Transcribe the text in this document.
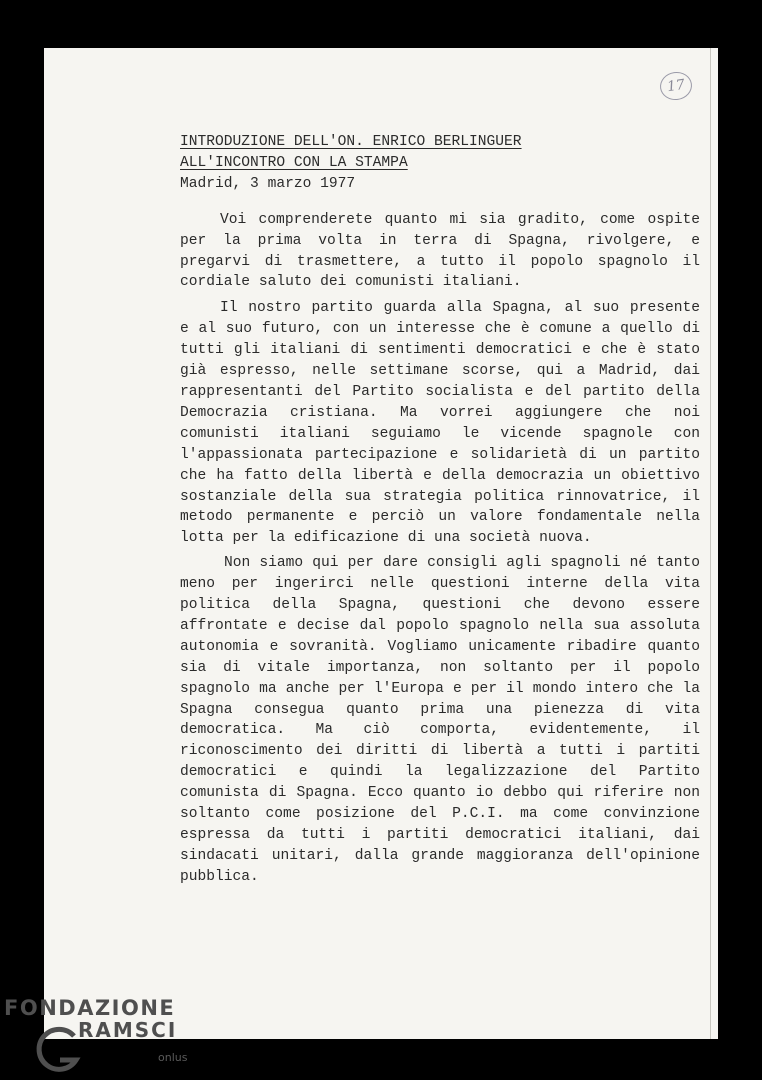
17
INTRODUZIONE DELL'ON. ENRICO BERLINGUER
ALL'INCONTRO CON LA STAMPA
Madrid, 3 marzo 1977

Voi comprenderete quanto mi sia gradito, come ospite per la prima volta in terra di Spagna, rivolgere, e pregarvi di trasmettere, a tutto il popolo spagnolo il cordiale saluto dei comunisti italiani.

Il nostro partito guarda alla Spagna, al suo presente e al suo futuro, con un interesse che è comune a quello di tutti gli italiani di sentimenti democratici e che è stato già espresso, nelle settimane scorse, qui a Madrid, dai rappresentanti del Partito socialista e del partito della Democrazia cristiana. Ma vorrei aggiungere che noi comunisti italiani seguiamo le vicende spagnole con l'appassionata partecipazione e solidarietà di un partito che ha fatto della libertà e della democrazia un obiettivo sostanziale della sua strategia politica rinnovatrice, il metodo permanente e perciò un valore fondamentale nella lotta per la edificazione di una società nuova.

Non siamo qui per dare consigli agli spagnoli né tanto meno per ingerirci nelle questioni interne della vita politica della Spagna, questioni che devono essere affrontate e decise dal popolo spagnolo nella sua assoluta autonomia e sovranità. Vogliamo unicamente ribadire quanto sia di vitale importanza, non soltanto per il popolo spagnolo ma anche per l'Europa e per il mondo intero che la Spagna consegua quanto prima una pienezza di vita democratica. Ma ciò comporta, evidentemente, il riconoscimento dei diritti di libertà a tutti i partiti democratici e quindi la legalizzazione del Partito comunista di Spagna. Ecco quanto io debbo qui riferire non soltanto come posizione del P.C.I. ma come convinzione espressa da tutti i partiti democratici italiani, dai sindacati unitari, dalla grande maggioranza dell'opinione pubblica.

FONDAZIONE
RAMSCI
onlus
